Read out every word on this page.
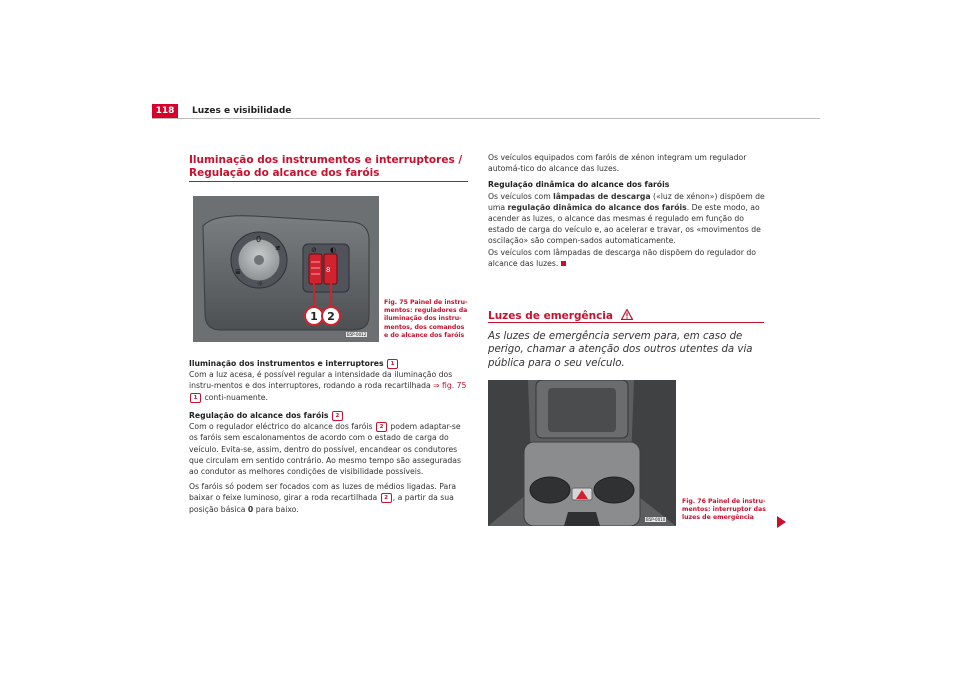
118	Luzes e visibilidade
Iluminação dos instrumentos e interruptores / Regulação do alcance dos faróis
0
≢
≣
☼
8
⊘ ◐
1 2
B5P-0012
Fig. 75 Painel de instru-mentos: reguladores da iluminação dos instru-mentos, dos comandos e do alcance dos faróis
Iluminação dos instrumentos e interruptores 1
Com a luz acesa, é possível regular a intensidade da iluminação dos instru-mentos e dos interruptores, rodando a roda recartilhada ⇒ fig. 75 1 conti-nuamente.
Regulação do alcance dos faróis 2
Com o regulador eléctrico do alcance dos faróis 2 podem adaptar-se os faróis sem escalonamentos de acordo com o estado de carga do veículo. Evita-se, assim, dentro do possível, encandear os condutores que circulam em sentido contrário. Ao mesmo tempo são asseguradas ao condutor as melhores condições de visibilidade possíveis.
Os faróis só podem ser focados com as luzes de médios ligadas. Para baixar o feixe luminoso, girar a roda recartilhada 2 , a partir da sua posição básica 0 para baixo.
Os veículos equipados com faróis de xénon integram um regulador automá-tico do alcance das luzes.
Regulação dinâmica do alcance dos faróis
Os veículos com lâmpadas de descarga («luz de xénon») dispõem de uma regulação dinâmica do alcance dos faróis. De este modo, ao acender as luzes, o alcance das mesmas é regulado em função do estado de carga do veículo e, ao acelerar e travar, os «movimentos de oscilação» são compen-sados automaticamente.
Os veículos com lâmpadas de descarga não dispõem do regulador do alcance das luzes.
Luzes de emergência
As luzes de emergência servem para, em caso de perigo, chamar a atenção dos outros utentes da via pública para o seu veículo.
B5P-0010
Fig. 76 Painel de instru-mentos: interruptor das luzes de emergência
